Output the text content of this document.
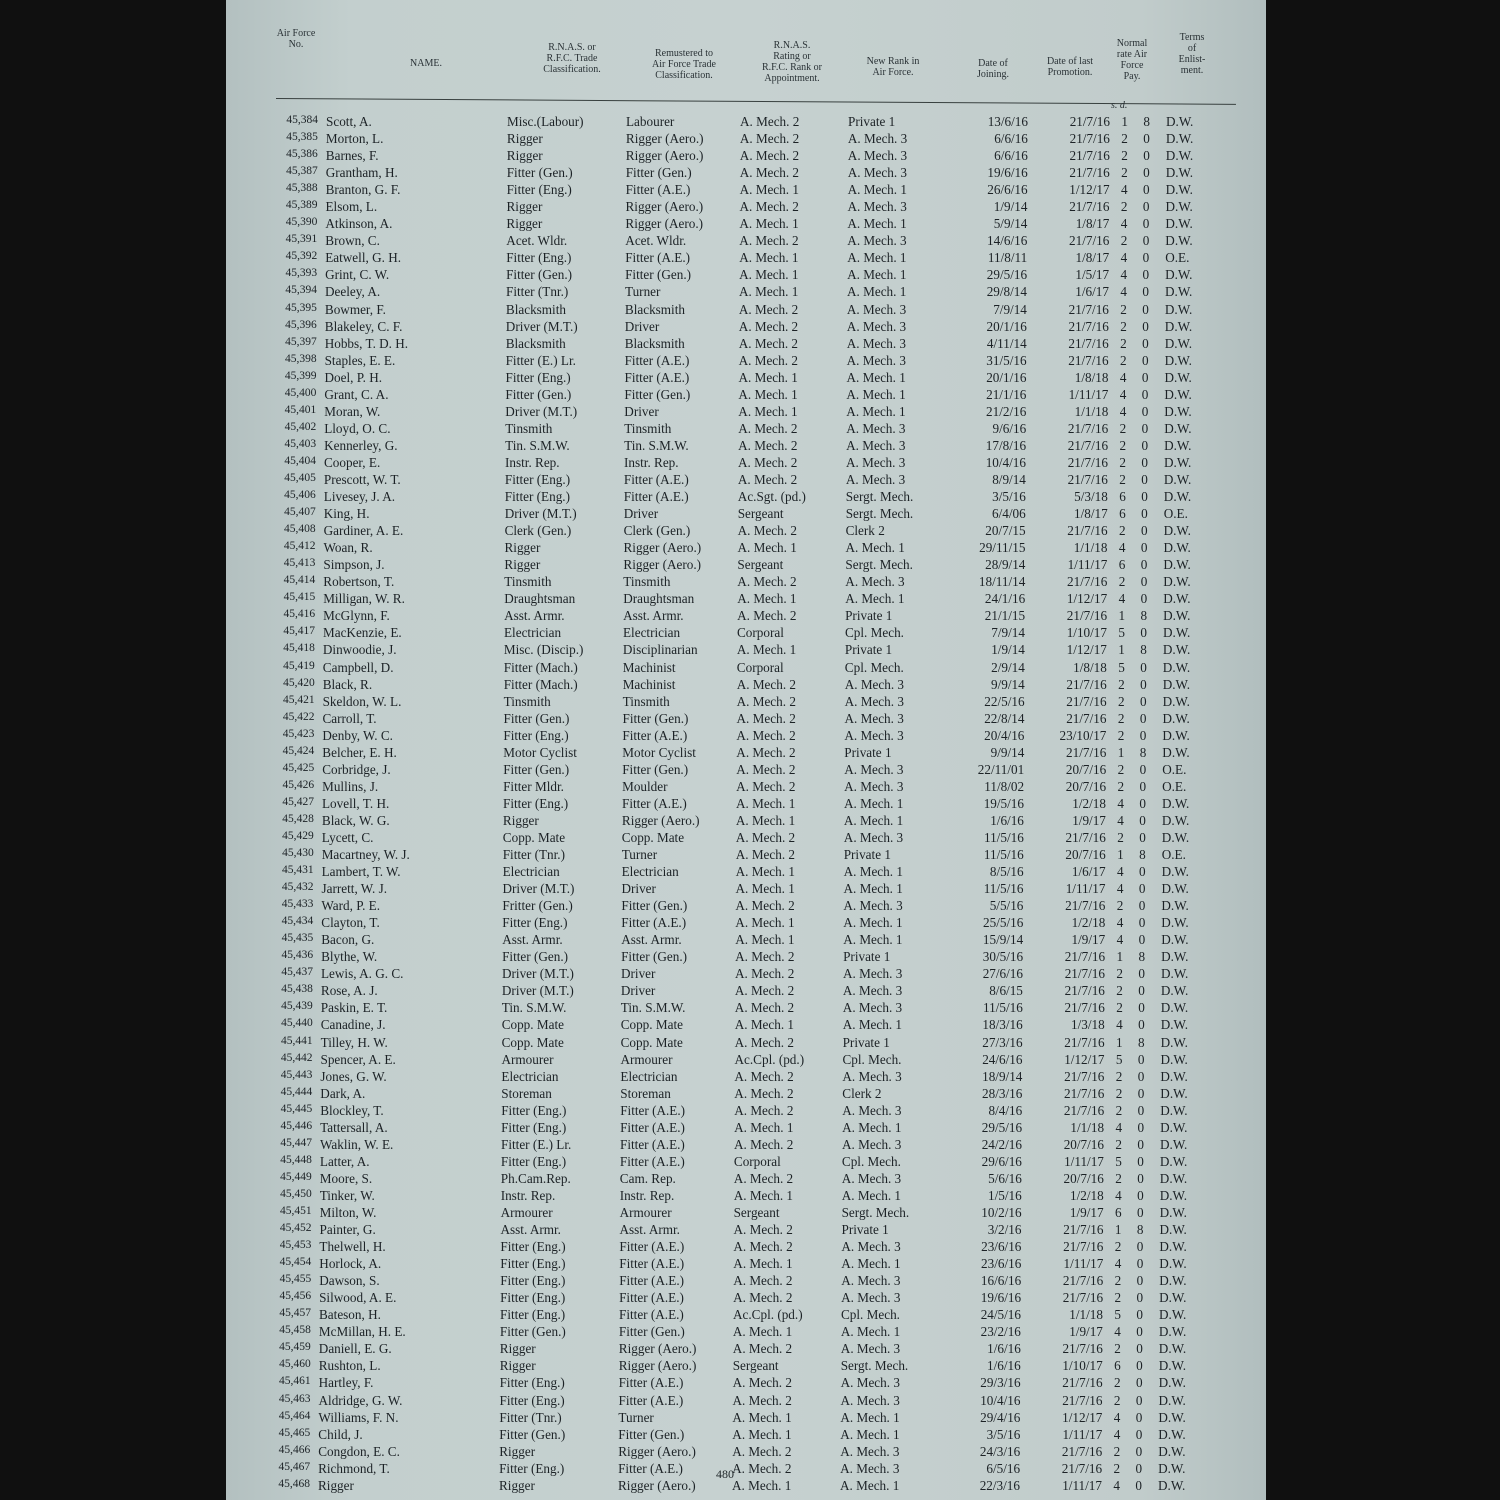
Air Force
No.
NAME.
R.N.A.S. or
R.F.C. Trade
Classification.
Remustered to
Air Force Trade
Classification.
R.N.A.S.
Rating or
R.F.C. Rank or
Appointment.
New Rank in
Air Force.
Date of
Joining.
Date of last
Promotion.
Normal
rate Air
Force
Pay.
Terms
of
Enlist-
ment.
s. d.
45,384 Scott, A.	Misc.(Labour)	Labourer	A. Mech. 2	Private 1	13/6/16	21/7/16 1	8 D.W.
45,385 Morton, L.	Rigger	Rigger (Aero.)	A. Mech. 2	A. Mech. 3	6/6/16	21/7/16 2	0 D.W.
45,386 Barnes, F.	Rigger	Rigger (Aero.)	A. Mech. 2	A. Mech. 3	6/6/16	21/7/16 2	0 D.W.
45,387 Grantham, H.	Fitter (Gen.)	Fitter (Gen.)	A. Mech. 2	A. Mech. 3	19/6/16	21/7/16 2	0 D.W.
45,388 Branton, G. F.	Fitter (Eng.)	Fitter (A.E.)	A. Mech. 1	A. Mech. 1	26/6/16	1/12/17 4	0 D.W.
45,389 Elsom, L.	Rigger	Rigger (Aero.)	A. Mech. 2	A. Mech. 3	1/9/14	21/7/16 2	0 D.W.
45,390 Atkinson, A.	Rigger	Rigger (Aero.)	A. Mech. 1	A. Mech. 1	5/9/14	1/8/17 4	0 D.W.
45,391 Brown, C.	Acet. Wldr.	Acet. Wldr.	A. Mech. 2	A. Mech. 3	14/6/16	21/7/16 2	0 D.W.
45,392 Eatwell, G. H.	Fitter (Eng.)	Fitter (A.E.)	A. Mech. 1	A. Mech. 1	11/8/11	1/8/17 4	0 O.E.
45,393 Grint, C. W.	Fitter (Gen.)	Fitter (Gen.)	A. Mech. 1	A. Mech. 1	29/5/16	1/5/17 4	0 D.W.
45,394 Deeley, A.	Fitter (Tnr.)	Turner	A. Mech. 1	A. Mech. 1	29/8/14	1/6/17 4	0 D.W.
45,395 Bowmer, F.	Blacksmith	Blacksmith	A. Mech. 2	A. Mech. 3	7/9/14	21/7/16 2	0 D.W.
45,396 Blakeley, C. F.	Driver (M.T.)	Driver	A. Mech. 2	A. Mech. 3	20/1/16	21/7/16 2	0 D.W.
45,397 Hobbs, T. D. H.	Blacksmith	Blacksmith	A. Mech. 2	A. Mech. 3	4/11/14	21/7/16 2	0 D.W.
45,398 Staples, E. E.	Fitter (E.) Lr.	Fitter (A.E.)	A. Mech. 2	A. Mech. 3	31/5/16	21/7/16 2	0 D.W.
45,399 Doel, P. H.	Fitter (Eng.)	Fitter (A.E.)	A. Mech. 1	A. Mech. 1	20/1/16	1/8/18 4	0 D.W.
45,400 Grant, C. A.	Fitter (Gen.)	Fitter (Gen.)	A. Mech. 1	A. Mech. 1	21/1/16	1/11/17 4	0 D.W.
45,401 Moran, W.	Driver (M.T.)	Driver	A. Mech. 1	A. Mech. 1	21/2/16	1/1/18 4	0 D.W.
45,402 Lloyd, O. C.	Tinsmith	Tinsmith	A. Mech. 2	A. Mech. 3	9/6/16	21/7/16 2	0 D.W.
45,403 Kennerley, G.	Tin. S.M.W.	Tin. S.M.W.	A. Mech. 2	A. Mech. 3	17/8/16	21/7/16 2	0 D.W.
45,404 Cooper, E.	Instr. Rep.	Instr. Rep.	A. Mech. 2	A. Mech. 3	10/4/16	21/7/16 2	0 D.W.
45,405 Prescott, W. T.	Fitter (Eng.)	Fitter (A.E.)	A. Mech. 2	A. Mech. 3	8/9/14	21/7/16 2	0 D.W.
45,406 Livesey, J. A.	Fitter (Eng.)	Fitter (A.E.)	Ac.Sgt. (pd.)	Sergt. Mech.	3/5/16	5/3/18 6	0 D.W.
45,407 King, H.	Driver (M.T.)	Driver	Sergeant	Sergt. Mech.	6/4/06	1/8/17 6	0 O.E.
45,408 Gardiner, A. E.	Clerk (Gen.)	Clerk (Gen.)	A. Mech. 2	Clerk 2	20/7/15	21/7/16 2	0 D.W.
45,412 Woan, R.	Rigger	Rigger (Aero.)	A. Mech. 1	A. Mech. 1	29/11/15	1/1/18 4	0 D.W.
45,413 Simpson, J.	Rigger	Rigger (Aero.)	Sergeant	Sergt. Mech.	28/9/14	1/11/17 6	0 D.W.
45,414 Robertson, T.	Tinsmith	Tinsmith	A. Mech. 2	A. Mech. 3	18/11/14	21/7/16 2	0 D.W.
45,415 Milligan, W. R.	Draughtsman	Draughtsman	A. Mech. 1	A. Mech. 1	24/1/16	1/12/17 4	0 D.W.
45,416 McGlynn, F.	Asst. Armr.	Asst. Armr.	A. Mech. 2	Private 1	21/1/15	21/7/16 1	8 D.W.
45,417 MacKenzie, E.	Electrician	Electrician	Corporal	Cpl. Mech.	7/9/14	1/10/17 5	0 D.W.
45,418 Dinwoodie, J.	Misc. (Discip.)	Disciplinarian	A. Mech. 1	Private 1	1/9/14	1/12/17 1	8 D.W.
45,419 Campbell, D.	Fitter (Mach.)	Machinist	Corporal	Cpl. Mech.	2/9/14	1/8/18 5	0 D.W.
45,420 Black, R.	Fitter (Mach.)	Machinist	A. Mech. 2	A. Mech. 3	9/9/14	21/7/16 2	0 D.W.
45,421 Skeldon, W. L.	Tinsmith	Tinsmith	A. Mech. 2	A. Mech. 3	22/5/16	21/7/16 2	0 D.W.
45,422 Carroll, T.	Fitter (Gen.)	Fitter (Gen.)	A. Mech. 2	A. Mech. 3	22/8/14	21/7/16 2	0 D.W.
45,423 Denby, W. C.	Fitter (Eng.)	Fitter (A.E.)	A. Mech. 2	A. Mech. 3	20/4/16	23/10/17 2	0 D.W.
45,424 Belcher, E. H.	Motor Cyclist	Motor Cyclist	A. Mech. 2	Private 1	9/9/14	21/7/16 1	8 D.W.
45,425 Corbridge, J.	Fitter (Gen.)	Fitter (Gen.)	A. Mech. 2	A. Mech. 3	22/11/01	20/7/16 2	0 O.E.
45,426 Mullins, J.	Fitter Mldr.	Moulder	A. Mech. 2	A. Mech. 3	11/8/02	20/7/16 2	0 O.E.
45,427 Lovell, T. H.	Fitter (Eng.)	Fitter (A.E.)	A. Mech. 1	A. Mech. 1	19/5/16	1/2/18 4	0 D.W.
45,428 Black, W. G.	Rigger	Rigger (Aero.)	A. Mech. 1	A. Mech. 1	1/6/16	1/9/17 4	0 D.W.
45,429 Lycett, C.	Copp. Mate	Copp. Mate	A. Mech. 2	A. Mech. 3	11/5/16	21/7/16 2	0 D.W.
45,430 Macartney, W. J.	Fitter (Tnr.)	Turner	A. Mech. 2	Private 1	11/5/16	20/7/16 1	8 O.E.
45,431 Lambert, T. W.	Electrician	Electrician	A. Mech. 1	A. Mech. 1	8/5/16	1/6/17 4	0 D.W.
45,432 Jarrett, W. J.	Driver (M.T.)	Driver	A. Mech. 1	A. Mech. 1	11/5/16	1/11/17 4	0 D.W.
45,433 Ward, P. E.	Fritter (Gen.)	Fitter (Gen.)	A. Mech. 2	A. Mech. 3	5/5/16	21/7/16 2	0 D.W.
45,434 Clayton, T.	Fitter (Eng.)	Fitter (A.E.)	A. Mech. 1	A. Mech. 1	25/5/16	1/2/18 4	0 D.W.
45,435 Bacon, G.	Asst. Armr.	Asst. Armr.	A. Mech. 1	A. Mech. 1	15/9/14	1/9/17 4	0 D.W.
45,436 Blythe, W.	Fitter (Gen.)	Fitter (Gen.)	A. Mech. 2	Private 1	30/5/16	21/7/16 1	8 D.W.
45,437 Lewis, A. G. C.	Driver (M.T.)	Driver	A. Mech. 2	A. Mech. 3	27/6/16	21/7/16 2	0 D.W.
45,438 Rose, A. J.	Driver (M.T.)	Driver	A. Mech. 2	A. Mech. 3	8/6/15	21/7/16 2	0 D.W.
45,439 Paskin, E. T.	Tin. S.M.W.	Tin. S.M.W.	A. Mech. 2	A. Mech. 3	11/5/16	21/7/16 2	0 D.W.
45,440 Canadine, J.	Copp. Mate	Copp. Mate	A. Mech. 1	A. Mech. 1	18/3/16	1/3/18 4	0 D.W.
45,441 Tilley, H. W.	Copp. Mate	Copp. Mate	A. Mech. 2	Private 1	27/3/16	21/7/16 1	8 D.W.
45,442 Spencer, A. E.	Armourer	Armourer	Ac.Cpl. (pd.)	Cpl. Mech.	24/6/16	1/12/17 5	0 D.W.
45,443 Jones, G. W.	Electrician	Electrician	A. Mech. 2	A. Mech. 3	18/9/14	21/7/16 2	0 D.W.
45,444 Dark, A.	Storeman	Storeman	A. Mech. 2	Clerk 2	28/3/16	21/7/16 2	0 D.W.
45,445 Blockley, T.	Fitter (Eng.)	Fitter (A.E.)	A. Mech. 2	A. Mech. 3	8/4/16	21/7/16 2	0 D.W.
45,446 Tattersall, A.	Fitter (Eng.)	Fitter (A.E.)	A. Mech. 1	A. Mech. 1	29/5/16	1/1/18 4	0 D.W.
45,447 Waklin, W. E.	Fitter (E.) Lr.	Fitter (A.E.)	A. Mech. 2	A. Mech. 3	24/2/16	20/7/16 2	0 D.W.
45,448 Latter, A.	Fitter (Eng.)	Fitter (A.E.)	Corporal	Cpl. Mech.	29/6/16	1/11/17 5	0 D.W.
45,449 Moore, S.	Ph.Cam.Rep.	Cam. Rep.	A. Mech. 2	A. Mech. 3	5/6/16	20/7/16 2	0 D.W.
45,450 Tinker, W.	Instr. Rep.	Instr. Rep.	A. Mech. 1	A. Mech. 1	1/5/16	1/2/18 4	0 D.W.
45,451 Milton, W.	Armourer	Armourer	Sergeant	Sergt. Mech.	10/2/16	1/9/17 6	0 D.W.
45,452 Painter, G.	Asst. Armr.	Asst. Armr.	A. Mech. 2	Private 1	3/2/16	21/7/16 1	8 D.W.
45,453 Thelwell, H.	Fitter (Eng.)	Fitter (A.E.)	A. Mech. 2	A. Mech. 3	23/6/16	21/7/16 2	0 D.W.
45,454 Horlock, A.	Fitter (Eng.)	Fitter (A.E.)	A. Mech. 1	A. Mech. 1	23/6/16	1/11/17 4	0 D.W.
45,455 Dawson, S.	Fitter (Eng.)	Fitter (A.E.)	A. Mech. 2	A. Mech. 3	16/6/16	21/7/16 2	0 D.W.
45,456 Silwood, A. E.	Fitter (Eng.)	Fitter (A.E.)	A. Mech. 2	A. Mech. 3	19/6/16	21/7/16 2	0 D.W.
45,457 Bateson, H.	Fitter (Eng.)	Fitter (A.E.)	Ac.Cpl. (pd.)	Cpl. Mech.	24/5/16	1/1/18 5	0 D.W.
45,458 McMillan, H. E.	Fitter (Gen.)	Fitter (Gen.)	A. Mech. 1	A. Mech. 1	23/2/16	1/9/17 4	0 D.W.
45,459 Daniell, E. G.	Rigger	Rigger (Aero.)	A. Mech. 2	A. Mech. 3	1/6/16	21/7/16 2	0 D.W.
45,460 Rushton, L.	Rigger	Rigger (Aero.)	Sergeant	Sergt. Mech.	1/6/16	1/10/17 6	0 D.W.
45,461 Hartley, F.	Fitter (Eng.)	Fitter (A.E.)	A. Mech. 2	A. Mech. 3	29/3/16	21/7/16 2	0 D.W.
45,463 Aldridge, G. W.	Fitter (Eng.)	Fitter (A.E.)	A. Mech. 2	A. Mech. 3	10/4/16	21/7/16 2	0 D.W.
45,464 Williams, F. N.	Fitter (Tnr.)	Turner	A. Mech. 1	A. Mech. 1	29/4/16	1/12/17 4	0 D.W.
45,465 Child, J.	Fitter (Gen.)	Fitter (Gen.)	A. Mech. 1	A. Mech. 1	3/5/16	1/11/17 4	0 D.W.
45,466 Congdon, E. C.	Rigger	Rigger (Aero.)	A. Mech. 2	A. Mech. 3	24/3/16	21/7/16 2	0 D.W.
45,467 Richmond, T.	Fitter (Eng.)	Fitter (A.E.)	A. Mech. 2	A. Mech. 3	6/5/16	21/7/16 2	0 D.W.
45,468 Rigger	Rigger	Rigger (Aero.)	A. Mech. 1	A. Mech. 1	22/3/16	1/11/17 4	0 D.W.
480
